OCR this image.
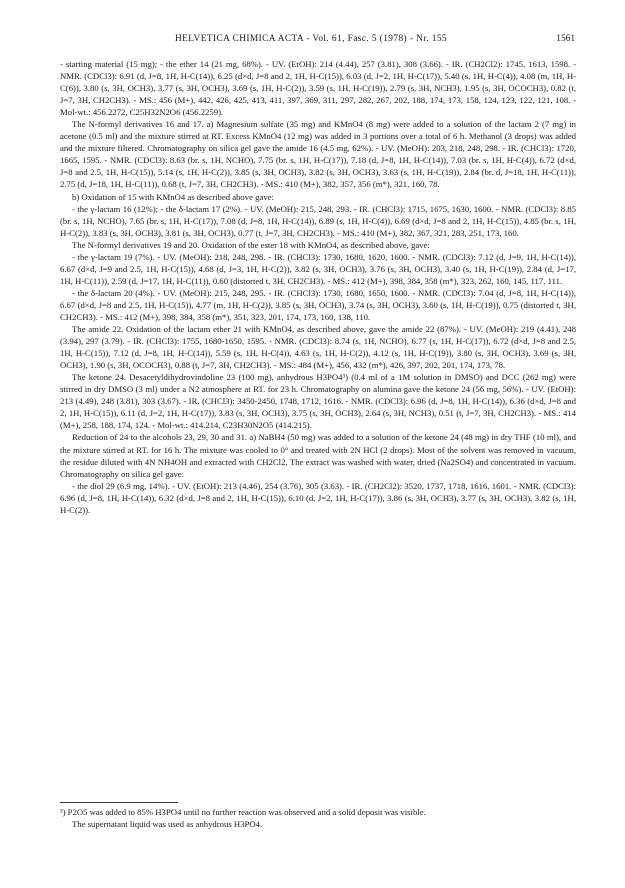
HELVETICA CHIMICA ACTA - Vol. 61, Fasc. 5 (1978) - Nr. 155	1561

- starting material (15 mg); - the ether 14 (21 mg, 68%). - UV. (EtOH): 214 (4.44), 257 (3.81), 308 (3.66). - IR. (CH2Cl2): 1745, 1613, 1598. - NMR. (CDCl3): 6.91 (d, J=8, 1H, H-C(14)), 6.25 (d×d, J=8 and 2, 1H, H-C(15)), 6.03 (d, J=2, 1H, H-C(17)), 5.40 (s, 1H, H-C(4)), 4.08 (m, 1H, H-C(6)), 3.80 (s, 3H, OCH3), 3.77 (s, 3H, OCH3), 3.69 (s, 1H, H-C(2)), 3.59 (s, 1H, H-C(19)), 2.79 (s, 3H, NCH3), 1.95 (s, 3H, OCOCH3), 0.82 (t, J=7, 3H, CH2CH3). - MS.: 456 (M+), 442, 426, 425, 413, 411, 397, 369, 311, 297, 282, 267, 202, 188, 174, 173, 158, 124, 123, 122, 121, 108. - Mol-wt.: 456.2272, C25H32N2O6 (456.2259).

The N-formyl derivatives 16 and 17. a) Magnesium sulfate (35 mg) and KMnO4 (8 mg) were added to a solution of the lactam 2 (7 mg) in acetone (0.5 ml) and the mixture stirred at RT. Excess KMnO4 (12 mg) was added in 3 portions over a total of 6 h. Methanol (3 drops) was added and the mixture filtered. Chromatography on silica gel gave the amide 16 (4.5 mg, 62%). - UV. (MeOH): 203, 218, 248, 298. - IR. (CHCl3): 1720, 1665, 1595. - NMR. (CDCl3): 8.63 (br. s, 1H, NCHO), 7.75 (br. s, 1H, H-C(17)), 7.18 (d, J=8, 1H, H-C(14)), 7.03 (br. s, 1H, H-C(4)), 6.72 (d×d, J=8 and 2.5, 1H, H-C(15)), 5.14 (s, 1H, H-C(2)), 3.85 (s, 3H, OCH3), 3.82 (s, 3H, OCH3), 3.63 (s, 1H, H-C(19)), 2.84 (br. d, J=18, 1H, H-C(11)), 2.75 (d, J=18, 1H, H-C(11)), 0.68 (t, J=7, 3H, CH2CH3). - MS.: 410 (M+), 382, 357, 356 (m*), 321, 160, 78.

b) Oxidation of 15 with KMnO4 as described above gave:

- the γ-lactam 16 (12%); - the δ-lactam 17 (2%). - UV. (MeOH): 215, 248, 293. - IR. (CHCl3): 1715, 1675, 1630, 1600. - NMR. (CDCl3): 8.85 (br. s, 1H, NCHO), 7.65 (br. s, 1H, H-C(17)), 7.08 (d, J=8, 1H, H-C(14)), 6.89 (s, 1H, H-C(4)), 6.69 (d×d, J=8 and 2, 1H, H-C(15)), 4.85 (br. s, 1H, H-C(2)), 3.83 (s, 3H, OCH3), 3.81 (s, 3H, OCH3), 0.77 (t, J=7, 3H, CH2CH3). - MS.: 410 (M+), 382, 367, 321, 283, 251, 173, 160.

The N-formyl derivatives 19 and 20. Oxidation of the ester 18 with KMnO4, as described above, gave:

- the γ-lactam 19 (7%). - UV. (MeOH): 218, 248, 298. - IR. (CHCl3): 1730, 1680, 1620, 1600. - NMR. (CDCl3): 7.12 (d, J=9, 1H, H-C(14)), 6.67 (d×d, J=9 and 2.5, 1H, H-C(15)), 4.68 (d, J=3, 1H, H-C(2)), 3.82 (s, 3H, OCH3), 3.76 (s, 3H, OCH3), 3.40 (s, 1H, H-C(19)), 2.84 (d, J=17, 1H, H-C(11)), 2.59 (d, J=17, 1H, H-C(11)), 0.60 (distorted t, 3H, CH2CH3). - MS.: 412 (M+), 398, 384, 358 (m*), 323, 262, 160, 145, 117, 111.

- the δ-lactam 20 (4%). - UV. (MeOH): 215, 248, 295. - IR. (CHCl3): 1730, 1680, 1650, 1600. - NMR. (CDCl3): 7.04 (d, J=8, 1H, H-C(14)), 6.67 (d×d, J=8 and 2.5, 1H, H-C(15)), 4.77 (m, 1H, H-C(2)), 3.85 (s, 3H, OCH3), 3.74 (s, 3H, OCH3), 3.60 (s, 1H, H-C(19)), 0.75 (distorted t, 3H, CH2CH3). - MS.: 412 (M+), 398, 384, 358 (m*), 351, 323, 201, 174, 173, 160, 138, 110.

The amide 22. Oxidation of the lactam ether 21 with KMnO4, as described above, gave the amide 22 (87%). - UV. (MeOH): 219 (4.41), 248 (3.94), 297 (3.79). - IR. (CHCl3): 1755, 1680-1650, 1595. - NMR. (CDCl3): 8.74 (s, 1H, NCHO), 6.77 (s, 1H, H-C(17)), 6.72 (d×d, J=8 and 2.5, 1H, H-C(15)), 7.12 (d, J=8, 1H, H-C(14)), 5.59 (s, 1H, H-C(4)), 4.63 (s, 1H, H-C(2)), 4.12 (s, 1H, H-C(19)), 3.80 (s, 3H, OCH3), 3.69 (s, 3H, OCH3), 1.90 (s, 3H, OCOCH3), 0.88 (t, J=7, 3H, CH2CH3). - MS.: 484 (M+), 456, 432 (m*), 426, 397, 202, 201, 174, 173, 78.

The ketone 24. Desacetyldihydrovindoline 23 (100 mg), anhydrous H3PO4³) (0.4 ml of a 1M solution in DMSO) and DCC (262 mg) were stirred in dry DMSO (3 ml) under a N2 atmosphere at RT. for 23 h. Chromatography on alumina gave the ketone 24 (56 mg, 56%). - UV. (EtOH): 213 (4.49), 248 (3.81), 303 (3.67). - IR. (CHCl3): 3450-2450, 1748, 1712, 1616. - NMR. (CDCl3): 6.96 (d, J=8, 1H, H-C(14)), 6.36 (d×d, J=8 and 2, 1H, H-C(15)), 6.11 (d, J=2, 1H, H-C(17)), 3.83 (s, 3H, OCH3), 3.75 (s, 3H, OCH3), 2.64 (s, 3H, NCH3), 0.51 (t, J=7, 3H, CH2CH3). - MS.: 414 (M+), 258, 188, 174, 124. - Mol-wt.: 414.214, C23H30N2O5 (414.215).

Reduction of 24 to the alcohols 23, 29, 30 and 31. a) NaBH4 (50 mg) was added to a solution of the ketone 24 (48 mg) in dry THF (10 ml), and the mixture stirred at RT. for 16 h. The mixture was cooled to 0° and treated with 2N HCl (2 drops). Most of the solvent was removed in vacuum, the residue diluted with 4N NH4OH and extracted with CH2Cl2. The extract was washed with water, dried (Na2SO4) and concentrated in vacuum. Chromatography on silica gel gave:

- the diol 29 (6.9 mg, 14%). - UV. (EtOH): 213 (4.46), 254 (3.76), 305 (3.63). - IR. (CH2Cl2): 3520, 1737, 1718, 1616, 1601. - NMR. (CDCl3): 6.96 (d, J=8, 1H, H-C(14)), 6.32 (d×d, J=8 and 2, 1H, H-C(15)), 6.10 (d, J=2, 1H, H-C(17)), 3.86 (s, 3H, OCH3), 3.77 (s, 3H, OCH3), 3.82 (s, 1H, H-C(2)).

³) P2O5 was added to 85% H3PO4 until no further reaction was observed and a solid deposit was visible.

The supernatant liquid was used as anhydrous H3PO4.
